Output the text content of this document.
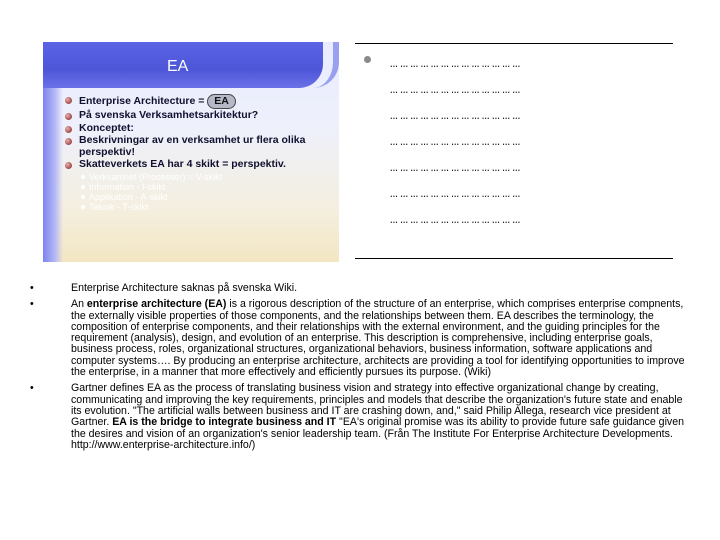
EA
Enterprise Architecture = EA
På svenska Verksamhetsarkitektur?
Konceptet:
Beskrivningar av en verksamhet ur flera olika perspektiv!
Skatteverkets EA har 4 skikt = perspektiv.
Verksamhet (Processer) = V-skikt
Information - I-skikt
Applikation - A-skikt
Teknik - T-skikt
…………………………………
…………………………………
…………………………………
…………………………………
…………………………………
…………………………………
…………………………………
•	Enterprise Architecture saknas på svenska Wiki.
•	An enterprise architecture (EA) is a rigorous description of the structure of an enterprise, which comprises enterprise compnents, the externally visible properties of those components, and the relationships between them. EA describes the terminology, the composition of enterprise components, and their relationships with the external environment, and the guiding principles for the requirement (analysis), design, and evolution of an enterprise. This description is comprehensive, including enterprise goals, business process, roles, organizational structures, organizational behaviors, business information, software applications and computer systems…. By producing an enterprise architecture, architects are providing a tool for identifying opportunities to improve the enterprise, in a manner that more effectively and efficiently pursues its purpose. (Wiki)
•	Gartner defines EA as the process of translating business vision and strategy into effective organizational change by creating, communicating and improving the key requirements, principles and models that describe the organization's future state and enable its evolution. "The artificial walls between business and IT are crashing down, and," said Philip Allega, research vice president at Gartner. EA is the bridge to integrate business and IT "EA's original promise was its ability to provide future safe guidance given the desires and vision of an organization's senior leadership team. (Från The Institute For Enterprise Architecture Developments. http://www.enterprise-architecture.info/)
